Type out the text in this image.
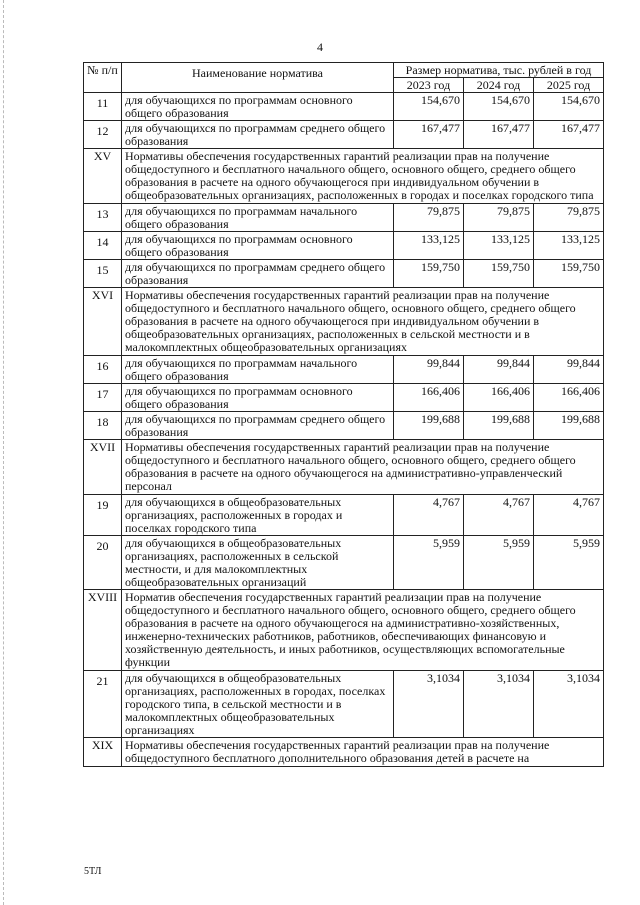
4
№ п/п	Наименование норматива	Размер норматива, тыс. рублей в год		
		2023 год	2024 год	2025 год
11	для обучающихся по программам основного общего образования	154,670	154,670	154,670
12	для обучающихся по программам среднего общего образования	167,477	167,477	167,477
XV	Нормативы обеспечения государственных гарантий реализации прав на получение общедоступного и бесплатного начального общего, основного общего, среднего общего образования в расчете на одного обучающегося при индивидуальном обучении в общеобразовательных организациях, расположенных в городах и поселках городского типа			
13	для обучающихся по программам начального общего образования	79,875	79,875	79,875
14	для обучающихся по программам основного общего образования	133,125	133,125	133,125
15	для обучающихся по программам среднего общего образования	159,750	159,750	159,750
XVI	Нормативы обеспечения государственных гарантий реализации прав на получение общедоступного и бесплатного начального общего, основного общего, среднего общего образования в расчете на одного обучающегося при индивидуальном обучении в общеобразовательных организациях, расположенных в сельской местности и в малокомплектных общеобразовательных организациях			
16	для обучающихся по программам начального общего образования	99,844	99,844	99,844
17	для обучающихся по программам основного общего образования	166,406	166,406	166,406
18	для обучающихся по программам среднего общего образования	199,688	199,688	199,688
XVII	Нормативы обеспечения государственных гарантий реализации прав на получение общедоступного и бесплатного начального общего, основного общего, среднего общего образования в расчете на одного обучающегося на административно-управленческий персонал			
19	для обучающихся в общеобразовательных организациях, расположенных в городах и поселках городского типа	4,767	4,767	4,767
20	для обучающихся в общеобразовательных организациях, расположенных в сельской местности, и для малокомплектных общеобразовательных организаций	5,959	5,959	5,959
XVIII	Норматив обеспечения государственных гарантий реализации прав на получение общедоступного и бесплатного начального общего, основного общего, среднего общего образования в расчете на одного обучающегося на административно-хозяйственных, инженерно-технических работников, работников, обеспечивающих финансовую и хозяйственную деятельность, и иных работников, осуществляющих вспомогательные функции			
21	для обучающихся в общеобразовательных организациях, расположенных в городах, поселках городского типа, в сельской местности и в малокомплектных общеобразовательных организациях	3,1034	3,1034	3,1034
XIX	Нормативы обеспечения государственных гарантий реализации прав на получение общедоступного бесплатного дополнительного образования детей в расчете на			
5ТЛ
